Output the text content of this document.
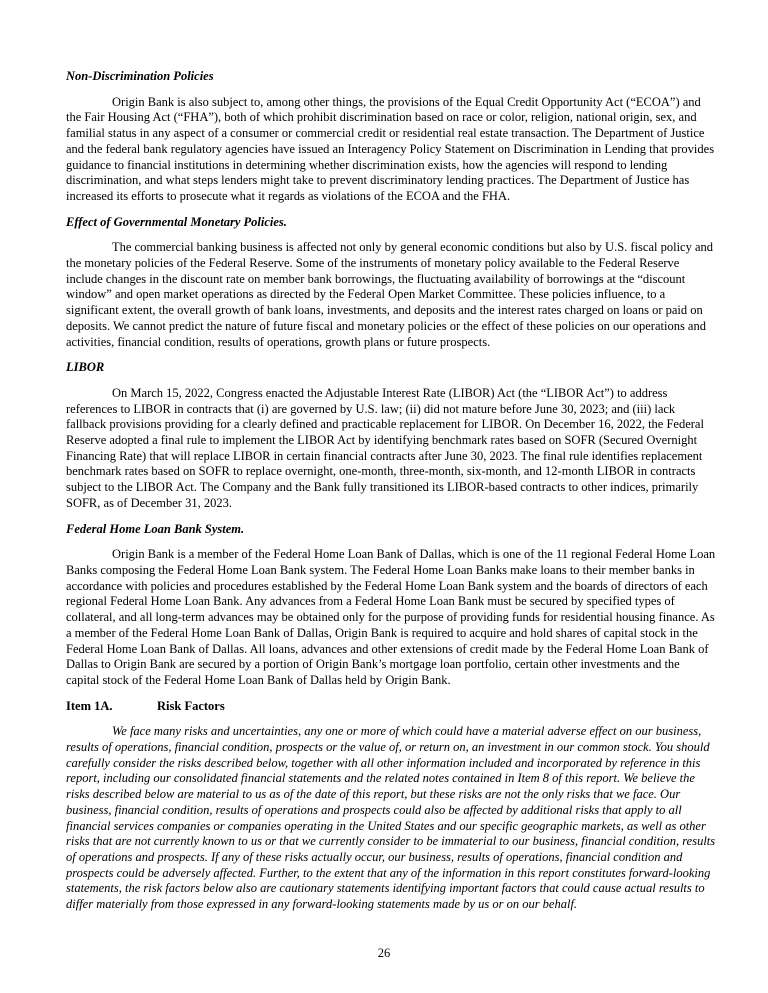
Non-Discrimination Policies

Origin Bank is also subject to, among other things, the provisions of the Equal Credit Opportunity Act (“ECOA”) and the Fair Housing Act (“FHA”), both of which prohibit discrimination based on race or color, religion, national origin, sex, and familial status in any aspect of a consumer or commercial credit or residential real estate transaction. The Department of Justice and the federal bank regulatory agencies have issued an Interagency Policy Statement on Discrimination in Lending that provides guidance to financial institutions in determining whether discrimination exists, how the agencies will respond to lending discrimination, and what steps lenders might take to prevent discriminatory lending practices. The Department of Justice has increased its efforts to prosecute what it regards as violations of the ECOA and the FHA.

Effect of Governmental Monetary Policies.

The commercial banking business is affected not only by general economic conditions but also by U.S. fiscal policy and the monetary policies of the Federal Reserve. Some of the instruments of monetary policy available to the Federal Reserve include changes in the discount rate on member bank borrowings, the fluctuating availability of borrowings at the “discount window” and open market operations as directed by the Federal Open Market Committee. These policies influence, to a significant extent, the overall growth of bank loans, investments, and deposits and the interest rates charged on loans or paid on deposits. We cannot predict the nature of future fiscal and monetary policies or the effect of these policies on our operations and activities, financial condition, results of operations, growth plans or future prospects.

LIBOR

On March 15, 2022, Congress enacted the Adjustable Interest Rate (LIBOR) Act (the “LIBOR Act”) to address references to LIBOR in contracts that (i) are governed by U.S. law; (ii) did not mature before June 30, 2023; and (iii) lack fallback provisions providing for a clearly defined and practicable replacement for LIBOR. On December 16, 2022, the Federal Reserve adopted a final rule to implement the LIBOR Act by identifying benchmark rates based on SOFR (Secured Overnight Financing Rate) that will replace LIBOR in certain financial contracts after June 30, 2023. The final rule identifies replacement benchmark rates based on SOFR to replace overnight, one-month, three-month, six-month, and 12-month LIBOR in contracts subject to the LIBOR Act. The Company and the Bank fully transitioned its LIBOR-based contracts to other indices, primarily SOFR, as of December 31, 2023.

Federal Home Loan Bank System.

Origin Bank is a member of the Federal Home Loan Bank of Dallas, which is one of the 11 regional Federal Home Loan Banks composing the Federal Home Loan Bank system. The Federal Home Loan Banks make loans to their member banks in accordance with policies and procedures established by the Federal Home Loan Bank system and the boards of directors of each regional Federal Home Loan Bank. Any advances from a Federal Home Loan Bank must be secured by specified types of collateral, and all long-term advances may be obtained only for the purpose of providing funds for residential housing finance. As a member of the Federal Home Loan Bank of Dallas, Origin Bank is required to acquire and hold shares of capital stock in the Federal Home Loan Bank of Dallas. All loans, advances and other extensions of credit made by the Federal Home Loan Bank of Dallas to Origin Bank are secured by a portion of Origin Bank’s mortgage loan portfolio, certain other investments and the capital stock of the Federal Home Loan Bank of Dallas held by Origin Bank.

Item 1A.	Risk Factors

We face many risks and uncertainties, any one or more of which could have a material adverse effect on our business, results of operations, financial condition, prospects or the value of, or return on, an investment in our common stock. You should carefully consider the risks described below, together with all other information included and incorporated by reference in this report, including our consolidated financial statements and the related notes contained in Item 8 of this report. We believe the risks described below are material to us as of the date of this report, but these risks are not the only risks that we face. Our business, financial condition, results of operations and prospects could also be affected by additional risks that apply to all financial services companies or companies operating in the United States and our specific geographic markets, as well as other risks that are not currently known to us or that we currently consider to be immaterial to our business, financial condition, results of operations and prospects. If any of these risks actually occur, our business, results of operations, financial condition and prospects could be adversely affected. Further, to the extent that any of the information in this report constitutes forward-looking statements, the risk factors below also are cautionary statements identifying important factors that could cause actual results to differ materially from those expressed in any forward-looking statements made by us or on our behalf.

26
